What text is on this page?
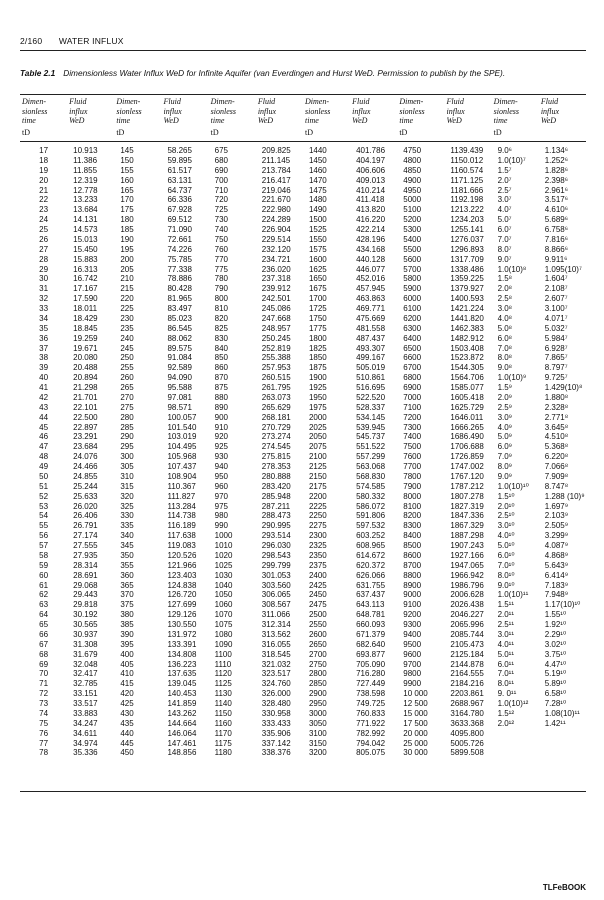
2/160 WATER INFLUX
Table 2.1 Dimensionless Water Influx WeD for Infinite Aquifer (van Everdingen and Hurst WeD. Permission to publish by the SPE).
Dimen-
sionless
time
tD
Fluid
influx
WeD

Dimen-
sionless
time
tD
Fluid
influx
WeD

Dimen-
sionless
time
tD
Fluid
influx
WeD

Dimen-
sionless
time
tD
Fluid
influx
WeD

Dimen-
sionless
time
tD
Fluid
influx
WeD

Dimen-
sionless
time
tD
Fluid
influx
WeD

17	10.913	145	58.265	675	209.825	1440	401.786	4750	1139.439	9.0⁶	1.134⁶
18	11.386	150	59.895	680	211.145	1450	404.197	4800	1150.012	1.0(10)⁷	1.252⁶
19	11.855	155	61.517	690	213.784	1460	406.606	4850	1160.574	1.5⁷	1.828⁶
20	12.319	160	63.131	700	216.417	1470	409.013	4900	1171.125	2.0⁷	2.398⁶
21	12.778	165	64.737	710	219.046	1475	410.214	4950	1181.666	2.5⁷	2.961⁶
22	13.233	170	66.336	720	221.670	1480	411.418	5000	1192.198	3.0⁷	3.517⁶
23	13.684	175	67.928	725	222.980	1490	413.820	5100	1213.222	4.0⁷	4.610⁶
24	14.131	180	69.512	730	224.289	1500	416.220	5200	1234.203	5.0⁷	5.689⁶
25	14.573	185	71.090	740	226.904	1525	422.214	5300	1255.141	6.0⁷	6.758⁶
26	15.013	190	72.661	750	229.514	1550	428.196	5400	1276.037	7.0⁷	7.816⁶
27	15.450	195	74.226	760	232.120	1575	434.168	5500	1296.893	8.0⁷	8.866⁶
28	15.883	200	75.785	770	234.721	1600	440.128	5600	1317.709	9.0⁷	9.911⁶
29	16.313	205	77.338	775	236.020	1625	446.077	5700	1338.486	1.0(10)⁸	1.095(10)⁷
30	16.742	210	78.886	780	237.318	1650	452.016	5800	1359.225	1.5⁸	1.604⁷
31	17.167	215	80.428	790	239.912	1675	457.945	5900	1379.927	2.0⁸	2.108⁷
32	17.590	220	81.965	800	242.501	1700	463.863	6000	1400.593	2.5⁸	2.607⁷
33	18.011	225	83.497	810	245.086	1725	469.771	6100	1421.224	3.0⁸	3.100⁷
34	18.429	230	85.023	820	247.668	1750	475.669	6200	1441.820	4.0⁸	4.071⁷
35	18.845	235	86.545	825	248.957	1775	481.558	6300	1462.383	5.0⁸	5.032⁷
36	19.259	240	88.062	830	250.245	1800	487.437	6400	1482.912	6.0⁸	5.984⁷
37	19.671	245	89.575	840	252.819	1825	493.307	6500	1503.408	7.0⁸	6.928⁷
38	20.080	250	91.084	850	255.388	1850	499.167	6600	1523.872	8.0⁸	7.865⁷
39	20.488	255	92.589	860	257.953	1875	505.019	6700	1544.305	9.0⁸	8.797⁷
40	20.894	260	94.090	870	260.515	1900	510.861	6800	1564.706	1.0(10)⁹	9.725⁷
41	21.298	265	95.588	875	261.795	1925	516.695	6900	1585.077	1.5⁹	1.429(10)⁸
42	21.701	270	97.081	880	263.073	1950	522.520	7000	1605.418	2.0⁹	1.880⁸
43	22.101	275	98.571	890	265.629	1975	528.337	7100	1625.729	2.5⁹	2.328⁸
44	22.500	280	100.057	900	268.181	2000	534.145	7200	1646.011	3.0⁹	2.771⁸
45	22.897	285	101.540	910	270.729	2025	539.945	7300	1666.265	4.0⁹	3.645⁸
46	23.291	290	103.019	920	273.274	2050	545.737	7400	1686.490	5.0⁹	4.510⁸
47	23.684	295	104.495	925	274.545	2075	551.522	7500	1706.688	6.0⁹	5.368⁸
48	24.076	300	105.968	930	275.815	2100	557.299	7600	1726.859	7.0⁹	6.220⁸
49	24.466	305	107.437	940	278.353	2125	563.068	7700	1747.002	8.0⁹	7.066⁸
50	24.855	310	108.904	950	280.888	2150	568.830	7800	1767.120	9.0⁹	7.909⁸
51	25.244	315	110.367	960	283.420	2175	574.585	7900	1787.212	1.0(10)¹⁰	8.747⁸
52	25.633	320	111.827	970	285.948	2200	580.332	8000	1807.278	1.5¹⁰	1.288 (10)⁹
53	26.020	325	113.284	975	287.211	2225	586.072	8100	1827.319	2.0¹⁰	1.697⁹
54	26.406	330	114.738	980	288.473	2250	591.806	8200	1847.336	2.5¹⁰	2.103⁹
55	26.791	335	116.189	990	290.995	2275	597.532	8300	1867.329	3.0¹⁰	2.505⁹
56	27.174	340	117.638	1000	293.514	2300	603.252	8400	1887.298	4.0¹⁰	3.299⁹
57	27.555	345	119.083	1010	296.030	2325	608.965	8500	1907.243	5.0¹⁰	4.087⁹
58	27.935	350	120.526	1020	298.543	2350	614.672	8600	1927.166	6.0¹⁰	4.868⁹
59	28.314	355	121.966	1025	299.799	2375	620.372	8700	1947.065	7.0¹⁰	5.643⁹
60	28.691	360	123.403	1030	301.053	2400	626.066	8800	1966.942	8.0¹⁰	6.414⁹
61	29.068	365	124.838	1040	303.560	2425	631.755	8900	1986.796	9.0¹⁰	7.183⁹
62	29.443	370	126.720	1050	306.065	2450	637.437	9000	2006.628	1.0(10)¹¹	7.948⁹
63	29.818	375	127.699	1060	308.567	2475	643.113	9100	2026.438	1.5¹¹	1.17(10)¹⁰
64	30.192	380	129.126	1070	311.066	2500	648.781	9200	2046.227	2.0¹¹	1.55¹⁰
65	30.565	385	130.550	1075	312.314	2550	660.093	9300	2065.996	2.5¹¹	1.92¹⁰
66	30.937	390	131.972	1080	313.562	2600	671.379	9400	2085.744	3.0¹¹	2.29¹⁰
67	31.308	395	133.391	1090	316.055	2650	682.640	9500	2105.473	4.0¹¹	3.02¹⁰
68	31.679	400	134.808	1100	318.545	2700	693.877	9600	2125.184	5.0¹¹	3.75¹⁰
69	32.048	405	136.223	1110	321.032	2750	705.090	9700	2144.878	6.0¹¹	4.47¹⁰
70	32.417	410	137.635	1120	323.517	2800	716.280	9800	2164.555	7.0¹¹	5.19¹⁰
71	32.785	415	139.045	1125	324.760	2850	727.449	9900	2184.216	8.0¹¹	5.89¹⁰
72	33.151	420	140.453	1130	326.000	2900	738.598	10 000	2203.861	9. 0¹¹	6.58¹⁰
73	33.517	425	141.859	1140	328.480	2950	749.725	12 500	2688.967	1.0(10)¹²	7.28¹⁰
74	33.883	430	143.262	1150	330.958	3000	760.833	15 000	3164.780	1.5¹²	1.08(10)¹¹
75	34.247	435	144.664	1160	333.433	3050	771.922	17 500	3633.368	2.0¹²	1.42¹¹
76	34.611	440	146.064	1170	335.906	3100	782.992	20 000	4095.800		
77	34.974	445	147.461	1175	337.142	3150	794.042	25 000	5005.726		
78	35.336	450	148.856	1180	338.376	3200	805.075	30 000	5899.508		
TLFeBOOK
